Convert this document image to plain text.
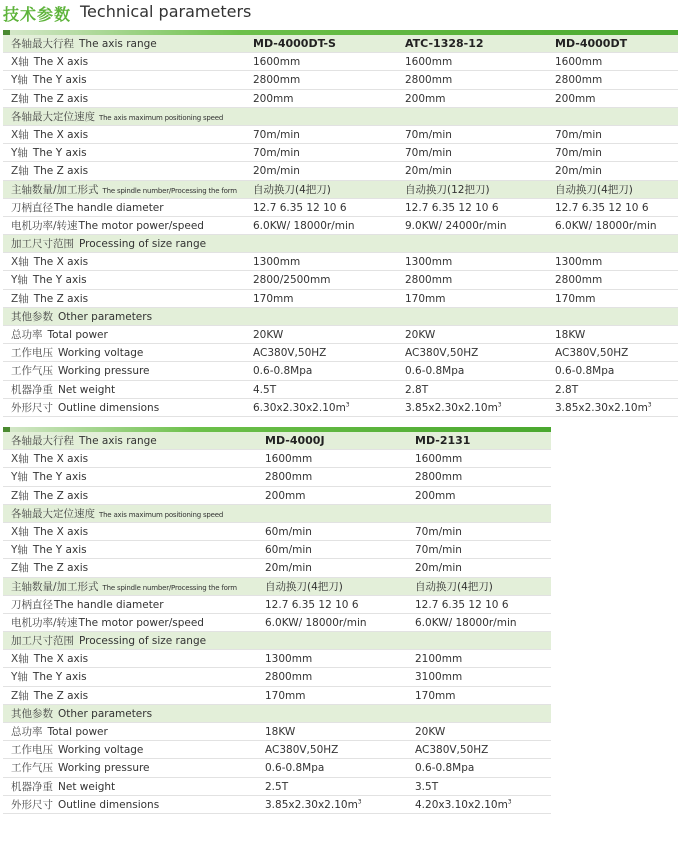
技术参数 Technical parameters
各轴最大行程 The axis range	MD-4000DT-S	ATC-1328-12	MD-4000DT
X轴 The X axis	1600mm	1600mm	1600mm
Y轴 The Y axis	2800mm	2800mm	2800mm
Z轴 The Z axis	200mm	200mm	200mm
各轴最大定位速度 The axis maximum positioning speed
X轴 The X axis	70m/min	70m/min	70m/min
Y轴 The Y axis	70m/min	70m/min	70m/min
Z轴 The Z axis	20m/min	20m/min	20m/min
主轴数量/加工形式 The spindle number/Processing the form 自动换刀(4把刀)	自动换刀(12把刀)	自动换刀(4把刀)
刀柄直径The handle diameter	12.7 6.35 12 10 6	12.7 6.35 12 10 6	12.7 6.35 12 10 6
电机功率/转速The motor power/speed	6.0KW/ 18000r/min	9.0KW/ 24000r/min	6.0KW/ 18000r/min
加工尺寸范围 Processing of size range
X轴 The X axis	1300mm	1300mm	1300mm
Y轴 The Y axis	2800/2500mm	2800mm	2800mm
Z轴 The Z axis	170mm	170mm	170mm
其他参数 Other parameters
总功率 Total power	20KW	20KW	18KW
工作电压 Working voltage	AC380V,50HZ	AC380V,50HZ	AC380V,50HZ
工作气压 Working pressure	0.6-0.8Mpa	0.6-0.8Mpa	0.6-0.8Mpa
机器净重 Net weight	4.5T	2.8T	2.8T
外形尺寸 Outline dimensions	$6.30x2.30x2.10m^3$	$3.85x2.30x2.10m^3$	$3.85x2.30x2.10m^3$
各轴最大行程 The axis range	MD-4000J	MD-2131
X轴 The X axis	1600mm	1600mm
Y轴 The Y axis	2800mm	2800mm
Z轴 The Z axis	200mm	200mm
各轴最大定位速度 The axis maximum positioning speed
X轴 The X axis	60m/min	70m/min
Y轴 The Y axis	60m/min	70m/min
Z轴 The Z axis	20m/min	20m/min
主轴数量/加工形式 The spindle number/Processing the form	自动换刀(4把刀)	自动换刀(4把刀)
刀柄直径The handle diameter	12.7 6.35 12 10 6	12.7 6.35 12 10 6
电机功率/转速The motor power/speed	6.0KW/ 18000r/min	6.0KW/ 18000r/min
加工尺寸范围 Processing of size range
X轴 The X axis	1300mm	2100mm
Y轴 The Y axis	2800mm	3100mm
Z轴 The Z axis	170mm	170mm
其他参数 Other parameters
总功率 Total power	18KW	20KW
工作电压 Working voltage	AC380V,50HZ	AC380V,50HZ
工作气压 Working pressure	0.6-0.8Mpa	0.6-0.8Mpa
机器净重 Net weight	2.5T	3.5T
外形尺寸 Outline dimensions	$3.85x2.30x2.10m^3$	$4.20x3.10x2.10m^3$
